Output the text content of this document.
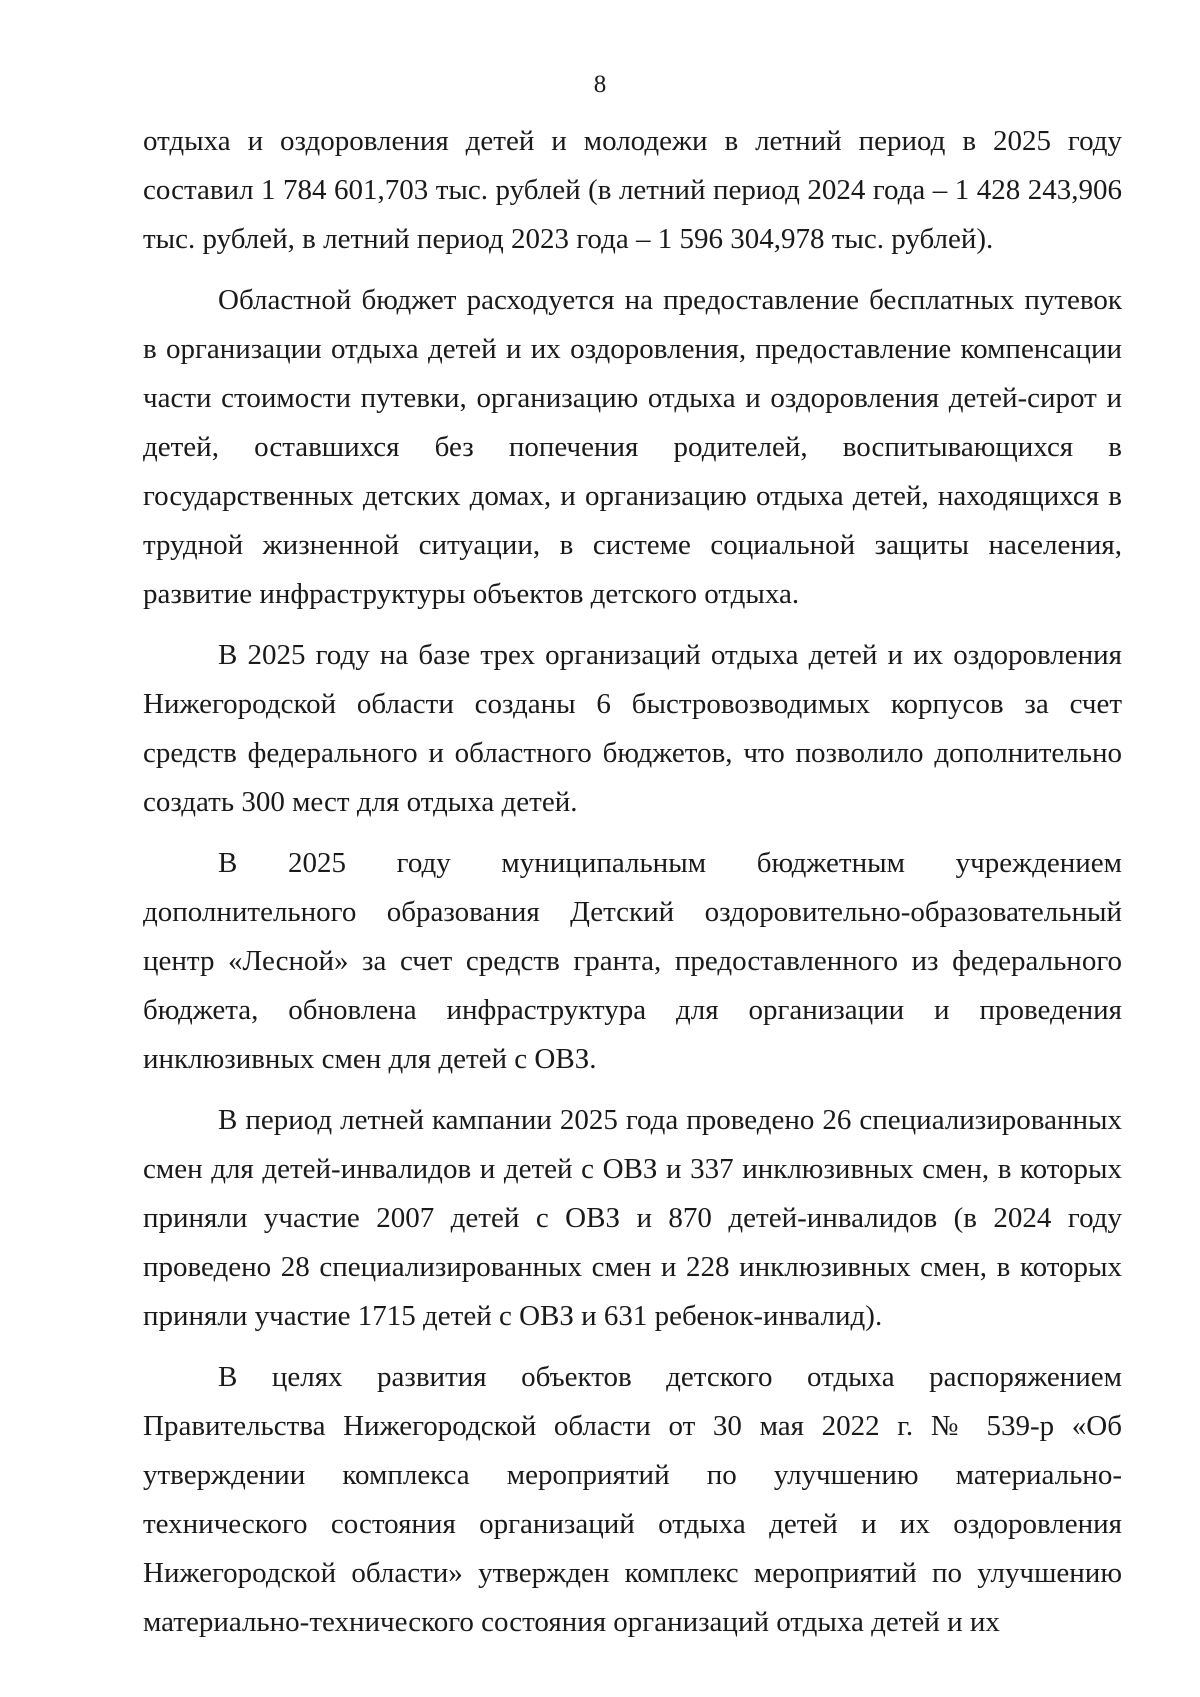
8

отдыха и оздоровления детей и молодежи в летний период в 2025 году составил 1 784 601,703 тыс. рублей (в летний период 2024 года – 1 428 243,906 тыс. рублей, в летний период 2023 года – 1 596 304,978 тыс. рублей).

Областной бюджет расходуется на предоставление бесплатных путевок в организации отдыха детей и их оздоровления, предоставление компенсации части стоимости путевки, организацию отдыха и оздоровления детей-сирот и детей, оставшихся без попечения родителей, воспитывающихся в государственных детских домах, и организацию отдыха детей, находящихся в трудной жизненной ситуации, в системе социальной защиты населения, развитие инфраструктуры объектов детского отдыха.

В 2025 году на базе трех организаций отдыха детей и их оздоровления Нижегородской области созданы 6 быстровозводимых корпусов за счет средств федерального и областного бюджетов, что позволило дополнительно создать 300 мест для отдыха детей.

В 2025 году муниципальным бюджетным учреждением дополнительного образования Детский оздоровительно-образовательный центр «Лесной» за счет средств гранта, предоставленного из федерального бюджета, обновлена инфраструктура для организации и проведения инклюзивных смен для детей с ОВЗ.

В период летней кампании 2025 года проведено 26 специализированных смен для детей-инвалидов и детей с ОВЗ и 337 инклюзивных смен, в которых приняли участие 2007 детей с ОВЗ и 870 детей-инвалидов (в 2024 году проведено 28 специализированных смен и 228 инклюзивных смен, в которых приняли участие 1715 детей с ОВЗ и 631 ребенок-инвалид).

В целях развития объектов детского отдыха распоряжением Правительства Нижегородской области от 30 мая 2022 г. № 539-р «Об утверждении комплекса мероприятий по улучшению материально-технического состояния организаций отдыха детей и их оздоровления Нижегородской области» утвержден комплекс мероприятий по улучшению материально-технического состояния организаций отдыха детей и их
